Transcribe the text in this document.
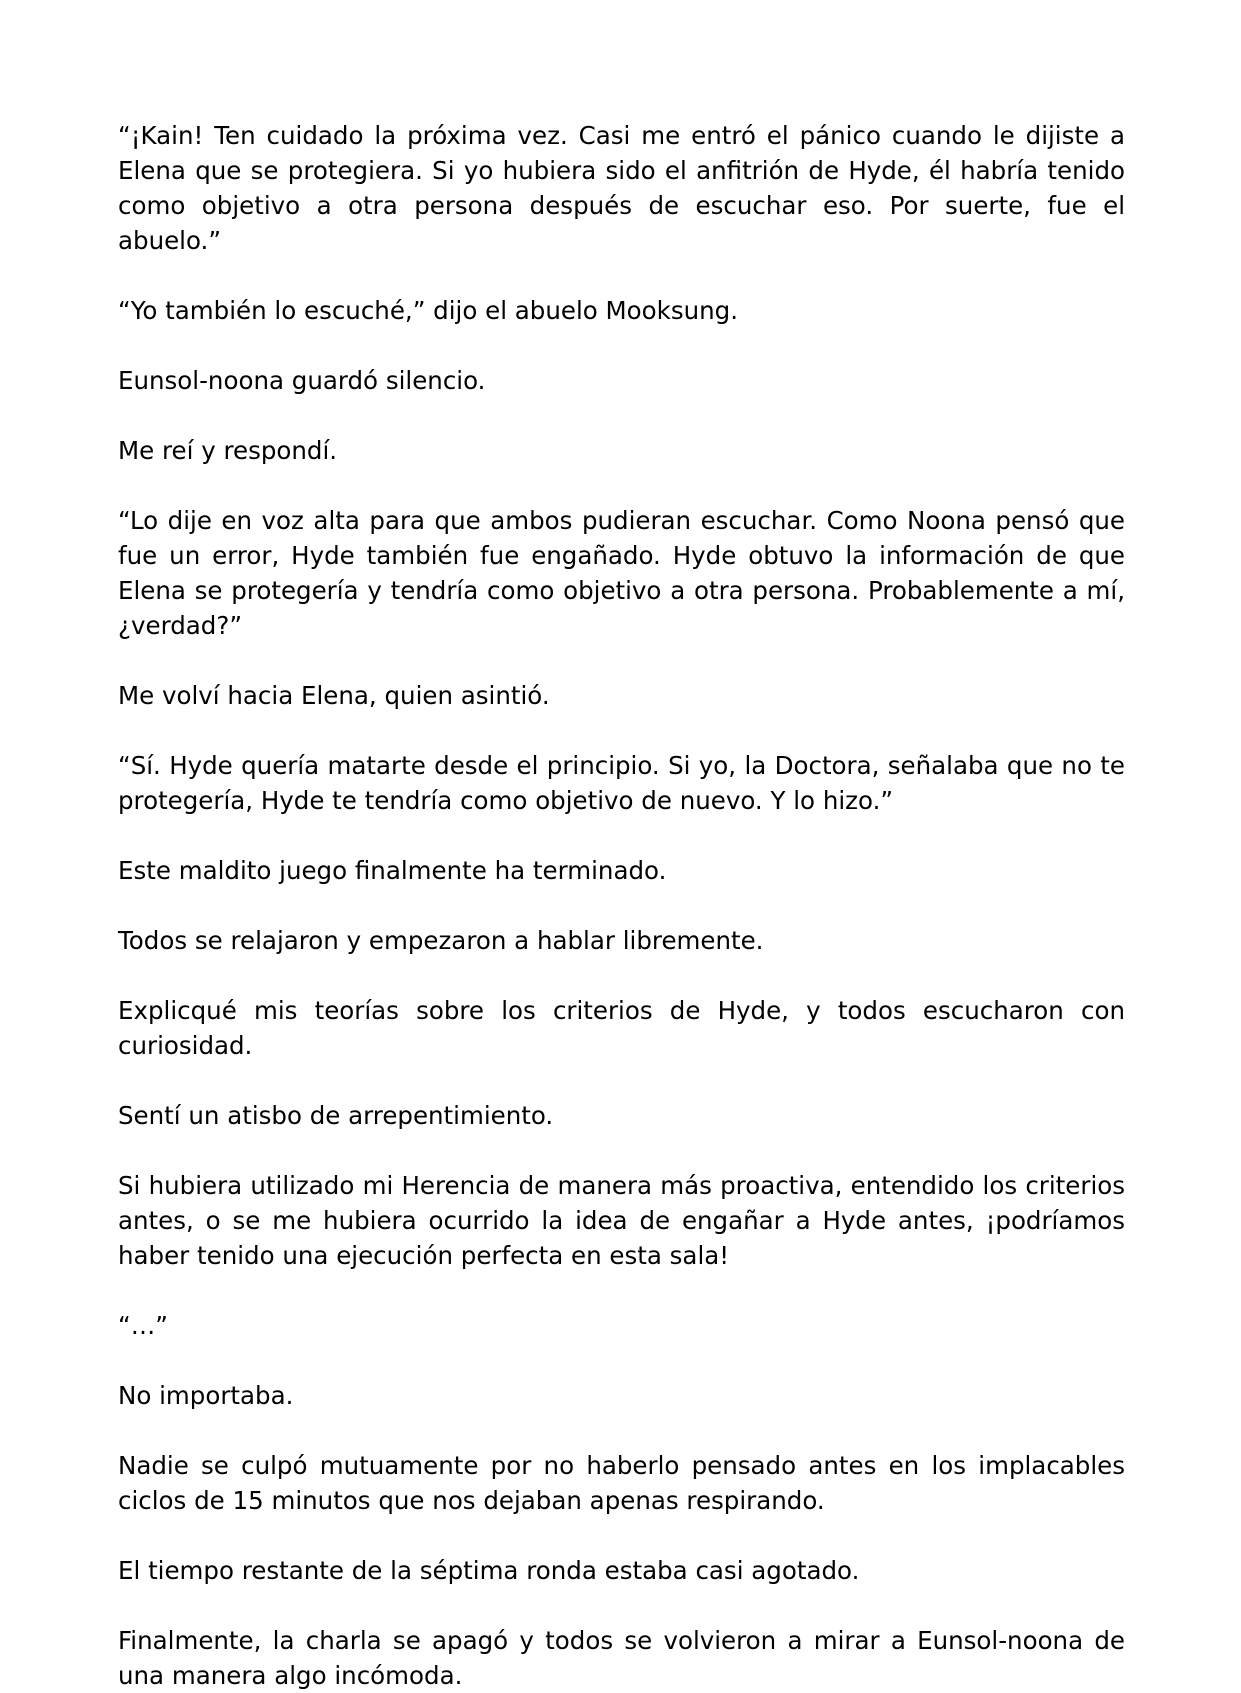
“¡Kain! Ten cuidado la próxima vez. Casi me entró el pánico cuando le dijiste a Elena que se protegiera. Si yo hubiera sido el anfitrión de Hyde, él habría tenido como objetivo a otra persona después de escuchar eso. Por suerte, fue el abuelo.”

“Yo también lo escuché,” dijo el abuelo Mooksung.

Eunsol-noona guardó silencio.

Me reí y respondí.

“Lo dije en voz alta para que ambos pudieran escuchar. Como Noona pensó que fue un error, Hyde también fue engañado. Hyde obtuvo la información de que Elena se protegería y tendría como objetivo a otra persona. Probablemente a mí, ¿verdad?”

Me volví hacia Elena, quien asintió.

“Sí. Hyde quería matarte desde el principio. Si yo, la Doctora, señalaba que no te protegería, Hyde te tendría como objetivo de nuevo. Y lo hizo.”

Este maldito juego finalmente ha terminado.

Todos se relajaron y empezaron a hablar libremente.

Explicqué mis teorías sobre los criterios de Hyde, y todos escucharon con curiosidad.

Sentí un atisbo de arrepentimiento.

Si hubiera utilizado mi Herencia de manera más proactiva, entendido los criterios antes, o se me hubiera ocurrido la idea de engañar a Hyde antes, ¡podríamos haber tenido una ejecución perfecta en esta sala!

“…”

No importaba.

Nadie se culpó mutuamente por no haberlo pensado antes en los implacables ciclos de 15 minutos que nos dejaban apenas respirando.

El tiempo restante de la séptima ronda estaba casi agotado.

Finalmente, la charla se apagó y todos se volvieron a mirar a Eunsol-noona de una manera algo incómoda.
